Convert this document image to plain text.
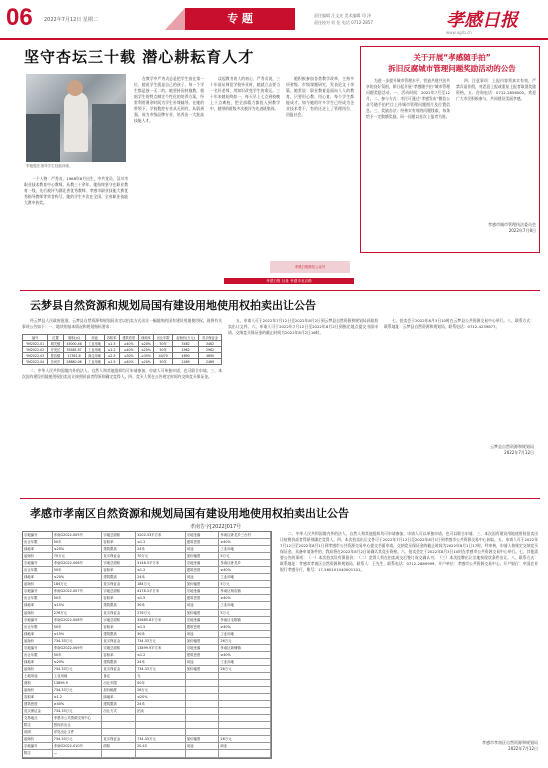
06 2022年7月12日 星期二	专 题	责任编辑 汪文光 美术编辑 印 泽
责任校对 何 佳 电话 0712-2857	孝感日报
www.xgrb.cn
坚守杏坛三十载 潜心耕耘育人才
李艳霞在指导学生技能训练。

一个人物：严秀贞，1988年8月出生，中共党员，汉川市职业技术教育中心教师。从教三十余年，她始终坚守在职业教育一线，先后被评为湖北省优秀教师、孝感市职业技能大赛优秀指导教师等荣誉称号，她的学生多次在全国、全省职业技能大赛中获奖。

在教学中严秀贞总是把学生放在第一位，她说学生就是自己的孩子，每一个学生都是独一无二的。她坚持因材施教，根据学生的特点制定个性化的培养方案，经常利用课余时间为学生补课辅导。在她的带领下，学校数控专业从无到有，从弱到强，成为市级品牌专业，培养出一大批高技能人才。

谈起教书育人的初心，严秀贞说，三十年前从师范学校毕业时，她就立志要当一名好老师，用知识改变学生的命运。三十年来她始终如一，每天早上七点到校晚上十点离校，把全部精力都投入到教学中，她带的班级多次被评为先进班集体。

她积极参加各类教学改革，主持多项省级、市级课题研究，发表论文十余篇。她常说：职业教育是面向人人的教育，只要用心教、用心育，每个学生都能成才。如今她的许多学生已经成为企业技术骨干，有的还走上了管理岗位，回报社会。

孝感日报 社址 孝感市北京路
孝感日报微信公众号
关于开展“孝感随手拍”
拆旧反腐城市管理问题奖励活动的公告

为进一步提升城市管理水平，营造共建共治共享的良好氛围，即日起开展“孝感随手拍”城市管理问题奖励活动。一、活动时间：2022年7月至12月。二、参与方式：市民可通过“孝感发布”微信公众号随手拍栏目上传城市管理问题照片及位置信息。三、奖励办法：经核实有效的问题线索，每条给予一定数额奖励，同一问题以首次上报者为准。

四、注意事项：上报内容须真实有效，严禁弄虚作假，对恶意上报或重复上报者取消奖励资格。五、咨询电话：0712-2856000。欢迎广大市民积极参与，共同建设美丽孝感。

孝感市城市管理执法委员会
2022年7月8日
云梦县自然资源和规划局国有建设用地使用权拍卖出让公告

经云梦县人民政府批准，云梦县自然资源和规划局决定以拍卖方式出让一幅地块的国有建设用地使用权。现将有关事项公告如下：一、地块的基本情况和规划指标要求：

编号	位置	面积(㎡)	用途	容积率	建筑密度	绿地率	出让年限	起始价(万元)	竞买保证金
YM2022-01	城关镇	45000.46	工业用地	≤1.5	≥40%	≤20%	50年	3462	3462
YM2022-02	开发区	35585.97	工业用地	≤1.2	≥40%	≤20%	50年	2962	2962
YM2022-03	曾店镇	17361.6	商住用地	≤2.5	≤30%	≥35%	40/70	4890	4890
YM2022-04	沙河乡	28880.06	工业用地	≤1.5	≥40%	≤20%	50年	2489	2489

二、中华人民共和国境内外的法人、自然人和其他组织均可申请参加，申请人可单独申请，也可联合申请。三、本次国有建设用地使用权拍卖出让按照价高者得原则确定竞得人。四、竞买人须在公告规定时间内交纳竞买保证金。

五、申请人可于2022年7月12日至2022年8月2日到云梦县自然资源和规划局获取拍卖出让文件。六、申请人可于2022年7月12日至2022年8月2日到指定地点提交书面申请，交纳竞买保证金的截止时间为2022年8月2日16时。

七、拍卖会于2022年8月3日10时在云梦县公共资源交易中心举行。八、联系方式：联系地址：云梦县自然资源和规划局，联系电话：0712-4239877。

云梦县自然资源和规划局
2022年7月12日
孝感市孝南区自然资源和规划局国有建设用地使用权拍卖出让公告
孝南告字[2022]017号

宗地编号	孝南G2022-005号	宗地总面积	1202.33平方米	宗地坐落	孝南区卧龙乡三台村
出让年限	50年	容积率	≤1.2	建筑密度	≥40%
绿地率	≤20%	建筑限高	24米	用途	工业用地
起始价	70万元	竞买保证金	70万元	加价幅度	5万元
宗地编号	孝南G2022-006号	宗地总面积	3148.3平方米	宗地坐落	孝南区卧龙乡
出让年限	50年	容积率	≤1.2	建筑密度	≥40%
绿地率	≤20%	建筑限高	24米	用途	工业用地
起始价	184万元	竞买保证金	184万元	加价幅度	5万元
宗地编号	孝南G2022-007号	宗地总面积	4178.3平方米	宗地坐落	孝南区杨店镇
出让年限	50年	容积率	≤1.5	建筑密度	≥40%
绿地率	≤15%	建筑限高	30米	用途	工业用地
起始价	276万元	竞买保证金	276万元	加价幅度	5万元
宗地编号	孝南G2022-008号	宗地总面积	35685.8平方米	宗地坐落	孝南区毛陈镇
出让年限	50年	容积率	≤1.5	建筑密度	≥40%
绿地率	≤15%	建筑限高	30米	用途	工业用地
起始价	734.33万元	竞买保证金	734.33万元	加价幅度	26万元
宗地编号	孝南G2022-009号	宗地总面积	13899.9平方米	宗地坐落	孝南区新铺镇
出让年限	50年	容积率	≤1.2	建筑密度	≥40%
绿地率	≤20%	建筑限高	24米	用途	工业用地
起始价	734.33万元	竞买保证金	734.33万元	加价幅度	26万元
土地用途	工业用地	备注	无
面积	13899.9	出让年限	50年
起始价	734.33万元	加价幅度	26万元
容积率	≤1.2	绿地率	≤20%
建筑密度	≥40%	建筑限高	24米
竞买保证金	734.33万元	出让方式	拍卖
交易地点	孝感市公共资源交易中心
附注	按现状出让
说明	详见出让文件
起始价	734.33万元	竞买保证金	734.33万元	加价幅度	26万元
宗地编号	孝南G2022-010号	面积	20.43	用途	商业
附注	—

二、中华人民共和国境内外的法人、自然人和其他组织均可申请参加，申请人可以单独申请，也可以联合申请。三、本次国有建设用地使用权拍卖出让按照价高者得原则确定竞得人。四、本次拍卖出让文件可于2022年7月12日至2022年8月1日到孝感市公共资源交易中心获取。五、申请人可于2022年7月12日至2022年8月1日到孝感市公共资源交易中心提交书面申请，交纳竞买保证金的截止时间为2022年8月1日17时。经审核，申请人按规定交纳竞买保证金，具备申请条件的，我局将在2022年8月2日前确认其竞买资格。六、拍卖会定于2022年8月3日10时在孝感市公共资源交易中心举行。七、其他需要公告的事项：（一）本次拍卖设有保留价；（二）竞得人须在拍卖成交后签订成交确认书；（三）本次挂牌出让宗地按现状条件出让。八、联系方式：联系地址：孝感市孝南区自然资源和规划局，联系人：王先生，联系电话：0712-2889999，开户单位：孝感市公共资源交易中心，开户银行：中国农业银行孝感分行，账号：17-560101040001101。

孝感市孝南区自然资源和规划局
2022年7月12日
